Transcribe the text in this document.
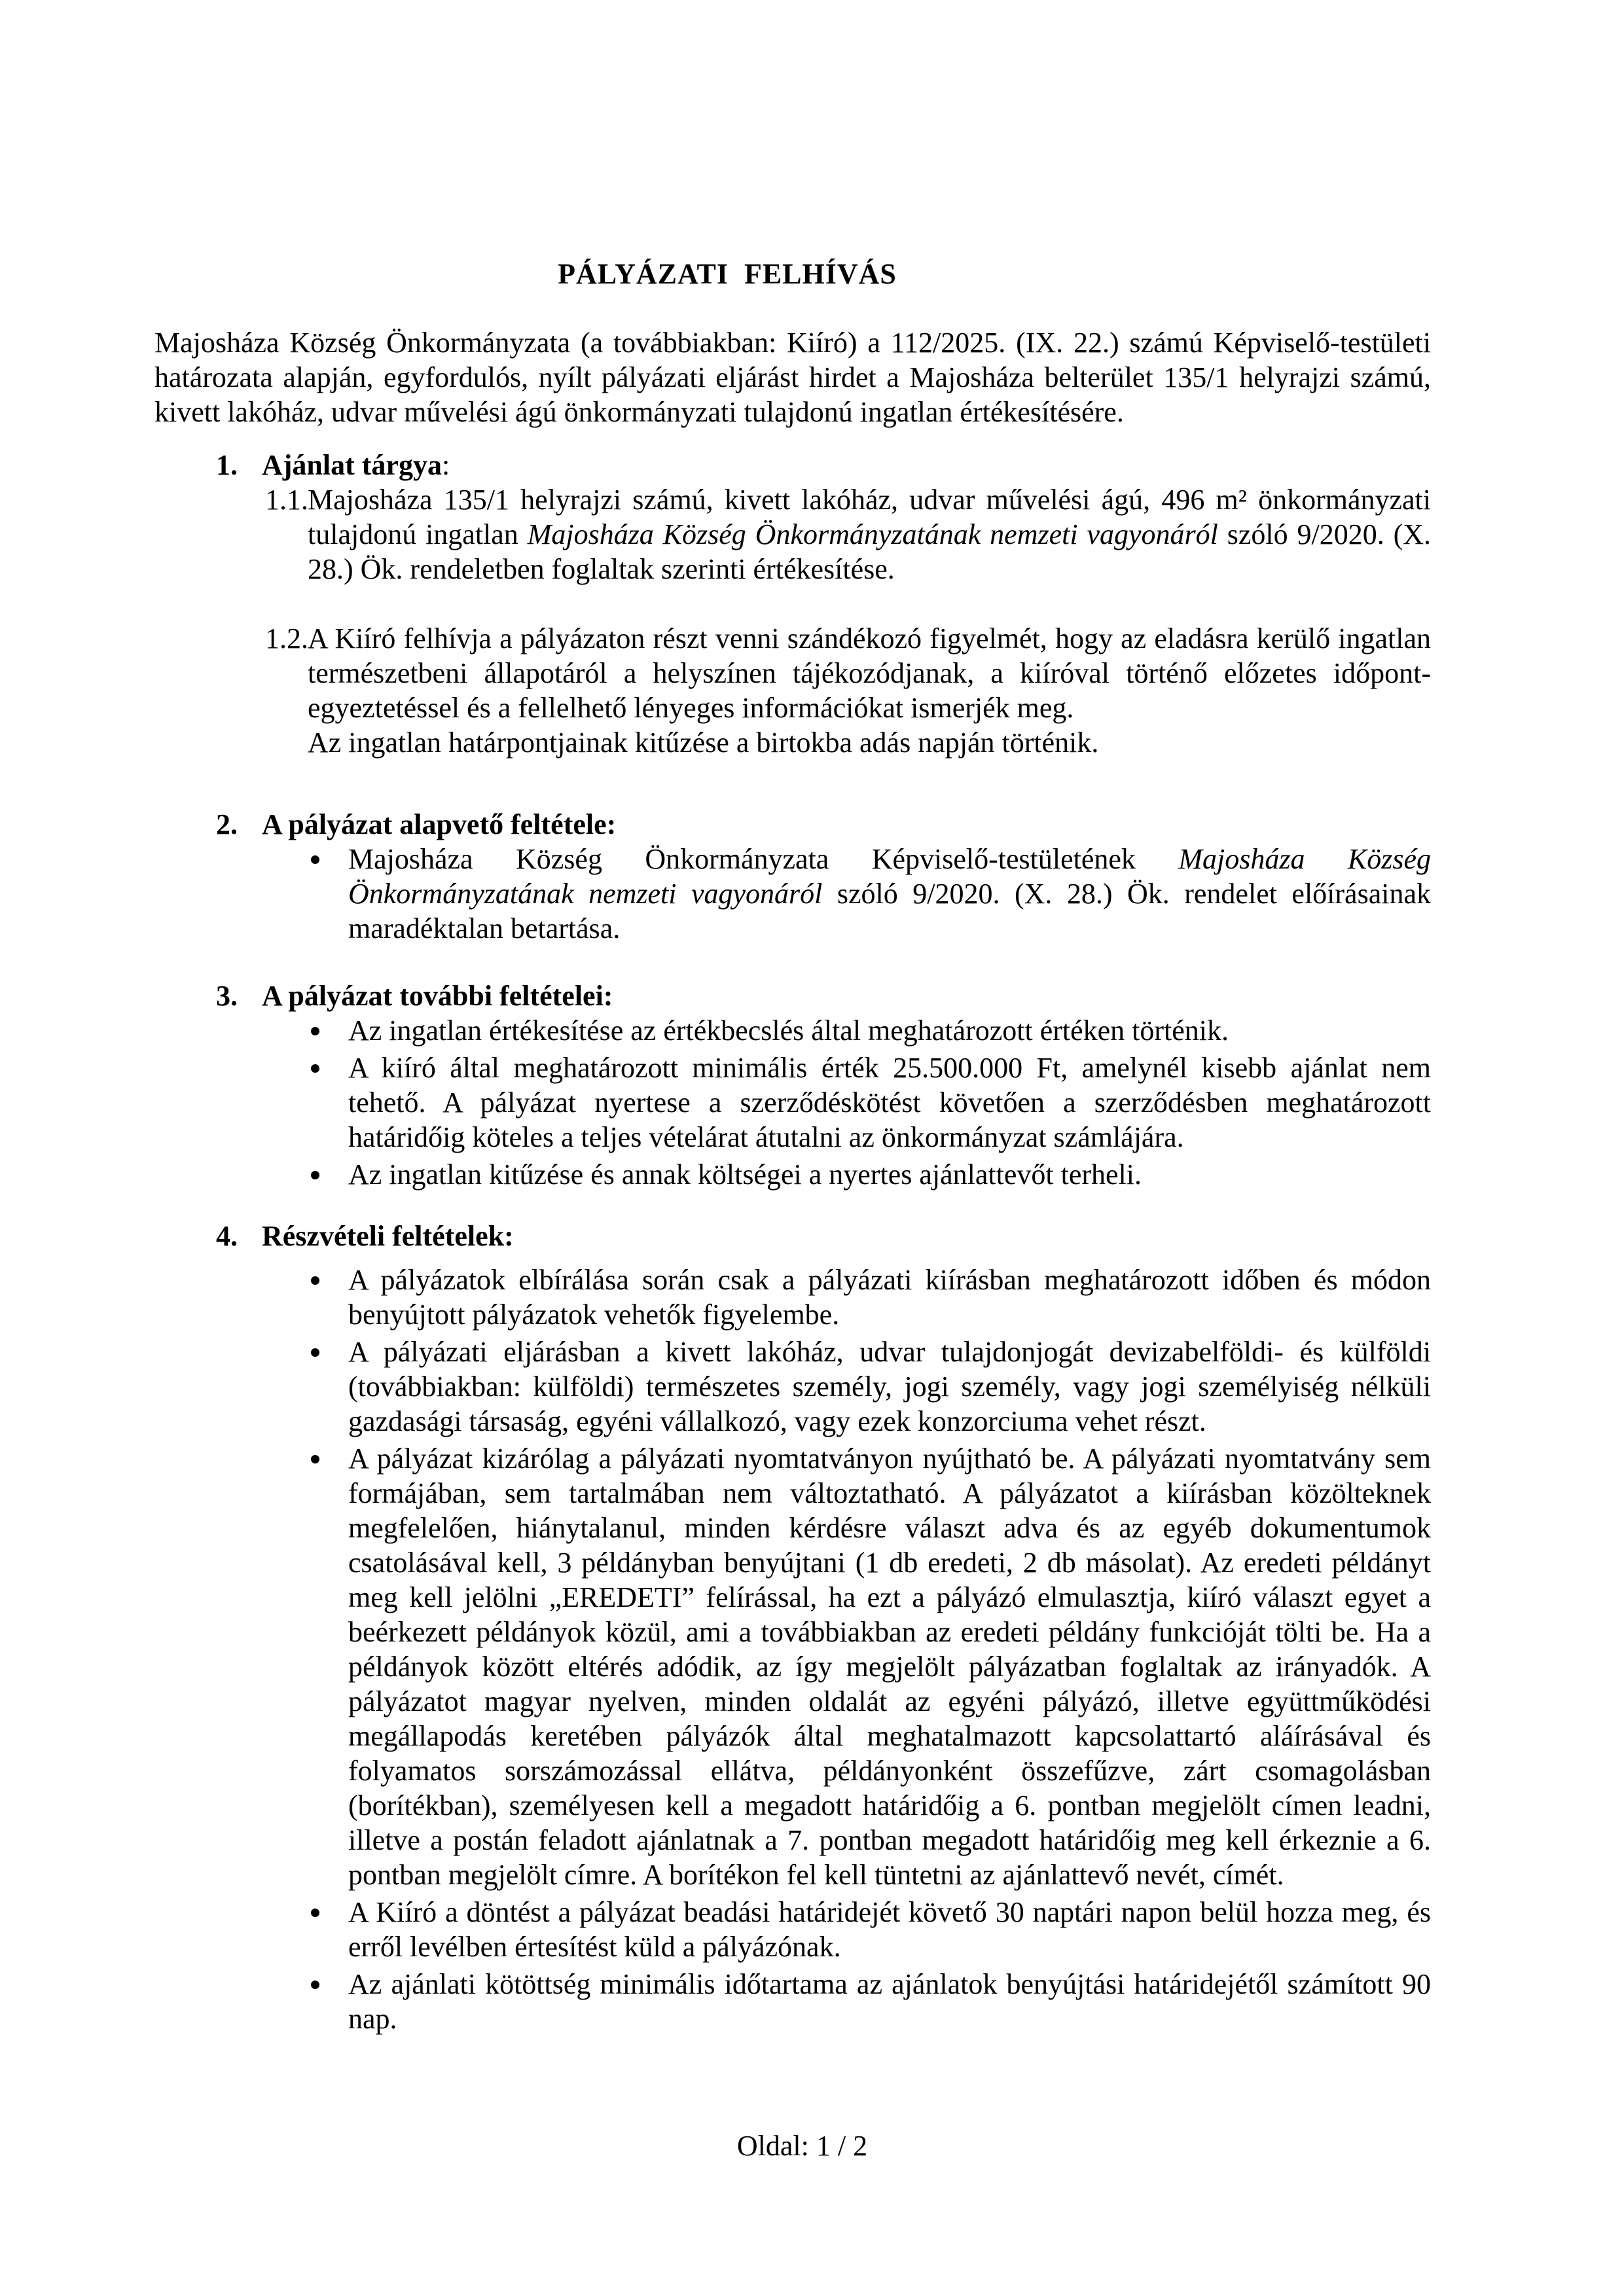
PÁLYÁZATI FELHÍVÁS

Majosháza Község Önkormányzata (a továbbiakban: Kiíró) a 112/2025. (IX. 22.) számú Képviselő-testületi határozata alapján, egyfordulós, nyílt pályázati eljárást hirdet a Majosháza belterület 135/1 helyrajzi számú, kivett lakóház, udvar művelési ágú önkormányzati tulajdonú ingatlan értékesítésére.

1. Ajánlat tárgya:
1.1. Majosháza 135/1 helyrajzi számú, kivett lakóház, udvar művelési ágú, 496 m² önkormányzati tulajdonú ingatlan Majosháza Község Önkormányzatának nemzeti vagyonáról szóló 9/2020. (X. 28.) Ök. rendeletben foglaltak szerinti értékesítése.
1.2. A Kiíró felhívja a pályázaton részt venni szándékozó figyelmét, hogy az eladásra kerülő ingatlan természetbeni állapotáról a helyszínen tájékozódjanak, a kiíróval történő előzetes időpont-egyeztetéssel és a fellelhető lényeges információkat ismerjék meg.
Az ingatlan határpontjainak kitűzése a birtokba adás napján történik.
2. A pályázat alapvető feltétele:
Majosháza Község Önkormányzata Képviselő-testületének Majosháza Község Önkormányzatának nemzeti vagyonáról szóló 9/2020. (X. 28.) Ök. rendelet előírásainak maradéktalan betartása.
3. A pályázat további feltételei:
Az ingatlan értékesítése az értékbecslés által meghatározott értéken történik.
A kiíró által meghatározott minimális érték 25.500.000 Ft, amelynél kisebb ajánlat nem tehető. A pályázat nyertese a szerződéskötést követően a szerződésben meghatározott határidőig köteles a teljes vételárat átutalni az önkormányzat számlájára.
Az ingatlan kitűzése és annak költségei a nyertes ajánlattevőt terheli.
4. Részvételi feltételek:
A pályázatok elbírálása során csak a pályázati kiírásban meghatározott időben és módon benyújtott pályázatok vehetők figyelembe.
A pályázati eljárásban a kivett lakóház, udvar tulajdonjogát devizabelföldi- és külföldi (továbbiakban: külföldi) természetes személy, jogi személy, vagy jogi személyiség nélküli gazdasági társaság, egyéni vállalkozó, vagy ezek konzorciuma vehet részt.
A pályázat kizárólag a pályázati nyomtatványon nyújtható be. A pályázati nyomtatvány sem formájában, sem tartalmában nem változtatható. A pályázatot a kiírásban közölteknek megfelelően, hiánytalanul, minden kérdésre választ adva és az egyéb dokumentumok csatolásával kell, 3 példányban benyújtani (1 db eredeti, 2 db másolat). Az eredeti példányt meg kell jelölni „EREDETI” felírással, ha ezt a pályázó elmulasztja, kiíró választ egyet a beérkezett példányok közül, ami a továbbiakban az eredeti példány funkcióját tölti be. Ha a példányok között eltérés adódik, az így megjelölt pályázatban foglaltak az irányadók. A pályázatot magyar nyelven, minden oldalát az egyéni pályázó, illetve együttműködési megállapodás keretében pályázók által meghatalmazott kapcsolattartó aláírásával és folyamatos sorszámozással ellátva, példányonként összefűzve, zárt csomagolásban (borítékban), személyesen kell a megadott határidőig a 6. pontban megjelölt címen leadni, illetve a postán feladott ajánlatnak a 7. pontban megadott határidőig meg kell érkeznie a 6. pontban megjelölt címre. A borítékon fel kell tüntetni az ajánlattevő nevét, címét.
A Kiíró a döntést a pályázat beadási határidejét követő 30 naptári napon belül hozza meg, és erről levélben értesítést küld a pályázónak.
Az ajánlati kötöttség minimális időtartama az ajánlatok benyújtási határidejétől számított 90 nap.
Oldal: 1 / 2
